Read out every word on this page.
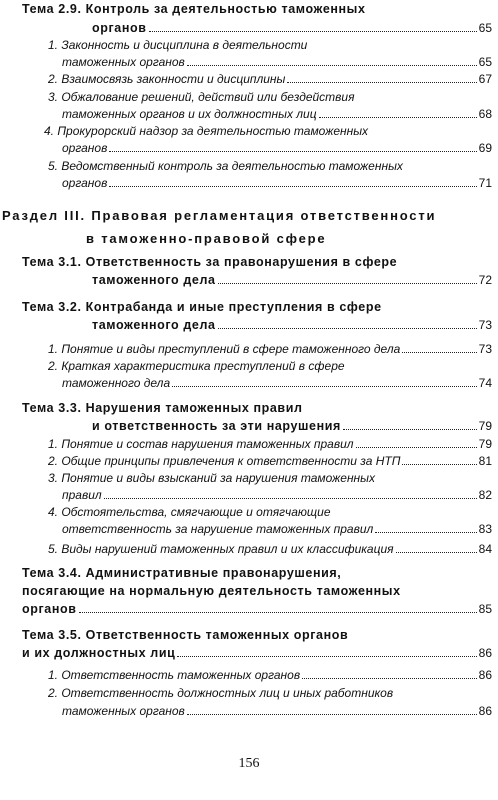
Тема 2.9. Контроль за деятельностью таможенных
органов	65
1. Законность и дисциплина в деятельности
таможенных органов	65
2. Взаимосвязь законности и дисциплины	67
3. Обжалование решений, действий или бездействия
таможенных органов и их должностных лиц	68
4. Прокурорский надзор за деятельностью таможенных
органов	69
5. Ведомственный контроль за деятельностью таможенных
органов	71
Раздел III. Правовая регламентация ответственности
в таможенно-правовой сфере
Тема 3.1. Ответственность за правонарушения в сфере
таможенного дела	72
Тема 3.2. Контрабанда и иные преступления в сфере
таможенного дела	73
1. Понятие и виды преступлений в сфере таможенного дела	73
2. Краткая характеристика преступлений в сфере
таможенного дела	74
Тема 3.3. Нарушения таможенных правил
и ответственность за эти нарушения	79
1. Понятие и состав нарушения таможенных правил	79
2. Общие принципы привлечения к ответственности за НТП	81
3. Понятие и виды взысканий за нарушения таможенных
правил	82
4. Обстоятельства, смягчающие и отягчающие
ответственность за нарушение таможенных правил	83
5. Виды нарушений таможенных правил и их классификация	84
Тема 3.4. Административные правонарушения,
посягающие на нормальную деятельность таможенных
органов	85
Тема 3.5. Ответственность таможенных органов
и их должностных лиц	86
1. Ответственность таможенных органов	86
2. Ответственность должностных лиц и иных работников
таможенных органов	86
156
